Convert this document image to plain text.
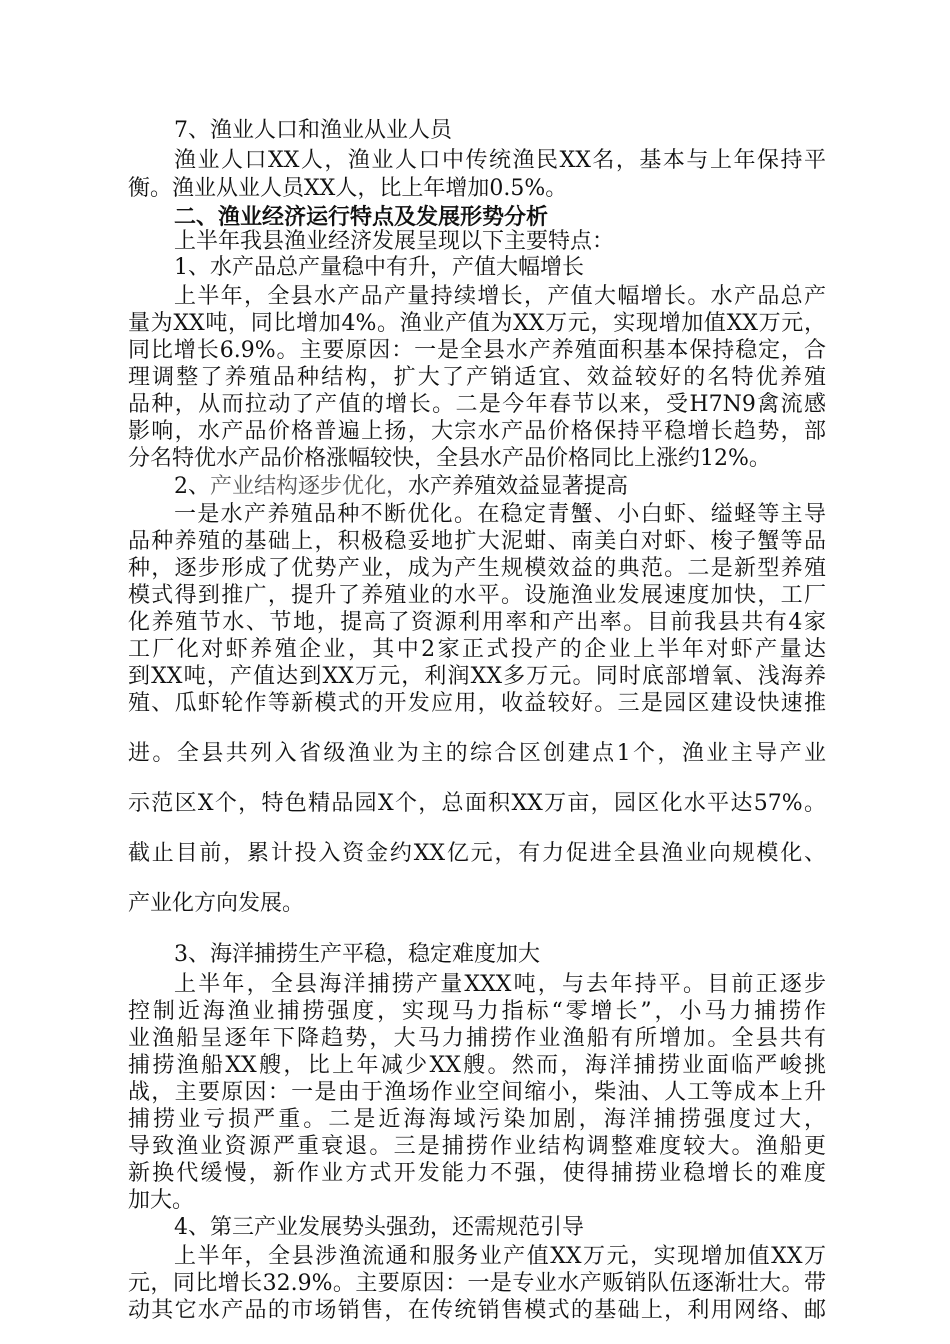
7、渔业人口和渔业从业人员
渔业人口XX人，渔业人口中传统渔民XX名，基本与上年保持平
衡。渔业从业人员XX人，比上年增加0.5%。
二、渔业经济运行特点及发展形势分析
上半年我县渔业经济发展呈现以下主要特点：
1、水产品总产量稳中有升，产值大幅增长
上半年，全县水产品产量持续增长，产值大幅增长。水产品总产
量为XX吨，同比增加4%。渔业产值为XX万元，实现增加值XX万元，
同比增长6.9%。主要原因：一是全县水产养殖面积基本保持稳定，合
理调整了养殖品种结构，扩大了产销适宜、效益较好的名特优养殖
品种，从而拉动了产值的增长。二是今年春节以来，受H7N9禽流感
影响，水产品价格普遍上扬，大宗水产品价格保持平稳增长趋势，部
分名特优水产品价格涨幅较快，全县水产品价格同比上涨约12%。
2、产业结构逐步优化，水产养殖效益显著提高
一是水产养殖品种不断优化。在稳定青蟹、小白虾、缢蛏等主导
品种养殖的基础上，积极稳妥地扩大泥蚶、南美白对虾、梭子蟹等品
种，逐步形成了优势产业，成为产生规模效益的典范。二是新型养殖
模式得到推广，提升了养殖业的水平。设施渔业发展速度加快，工厂
化养殖节水、节地，提高了资源利用率和产出率。目前我县共有4家
工厂化对虾养殖企业，其中2家正式投产的企业上半年对虾产量达
到XX吨，产值达到XX万元，利润XX多万元。同时底部增氧、浅海养
殖、瓜虾轮作等新模式的开发应用，收益较好。三是园区建设快速推
进。全县共列入省级渔业为主的综合区创建点1个，渔业主导产业
示范区X个，特色精品园X个，总面积XX万亩，园区化水平达57%。
截止目前，累计投入资金约XX亿元，有力促进全县渔业向规模化、
产业化方向发展。
3、海洋捕捞生产平稳，稳定难度加大
上半年，全县海洋捕捞产量XXX吨，与去年持平。目前正逐步
控制近海渔业捕捞强度，实现马力指标“零增长”，小马力捕捞作
业渔船呈逐年下降趋势，大马力捕捞作业渔船有所增加。全县共有
捕捞渔船XX艘，比上年减少XX艘。然而，海洋捕捞业面临严峻挑
战，主要原因：一是由于渔场作业空间缩小，柴油、人工等成本上升
捕捞业亏损严重。二是近海海域污染加剧，海洋捕捞强度过大，
导致渔业资源严重衰退。三是捕捞作业结构调整难度较大。渔船更
新换代缓慢，新作业方式开发能力不强，使得捕捞业稳增长的难度
加大。
4、第三产业发展势头强劲，还需规范引导
上半年，全县涉渔流通和服务业产值XX万元，实现增加值XX万
元，同比增长32.9%。主要原因：一是专业水产贩销队伍逐渐壮大。带
动其它水产品的市场销售，在传统销售模式的基础上，利用网络、邮
